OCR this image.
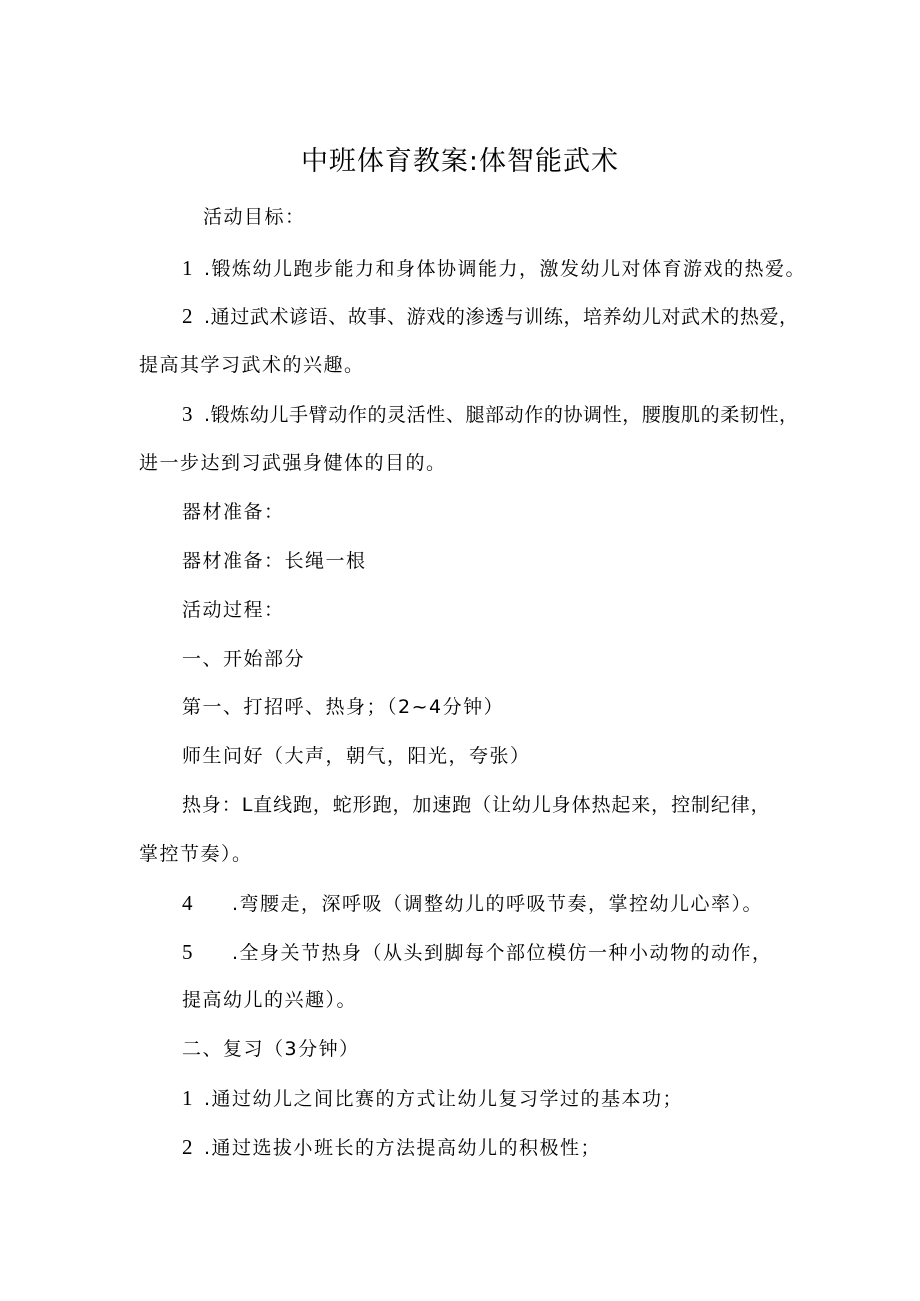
中班体育教案:体智能武术
活动目标：
1 .锻炼幼儿跑步能力和身体协调能力，激发幼儿对体育游戏的热爱。
2 .通过武术谚语、故事、游戏的渗透与训练，培养幼儿对武术的热爱，
提高其学习武术的兴趣。
3 .锻炼幼儿手臂动作的灵活性、腿部动作的协调性，腰腹肌的柔韧性，
进一步达到习武强身健体的目的。
器材准备：
器材准备：长绳一根
活动过程：
一、开始部分
第一、打招呼、热身；（2~4分钟）
师生问好（大声，朝气，阳光，夸张）
热身：L直线跑，蛇形跑，加速跑（让幼儿身体热起来，控制纪律，
掌控节奏）。
4 .弯腰走，深呼吸（调整幼儿的呼吸节奏，掌控幼儿心率）。
5 .全身关节热身（从头到脚每个部位模仿一种小动物的动作，
提高幼儿的兴趣）。
二、复习（3分钟）
1 .通过幼儿之间比赛的方式让幼儿复习学过的基本功；
2 .通过选拔小班长的方法提高幼儿的积极性；
